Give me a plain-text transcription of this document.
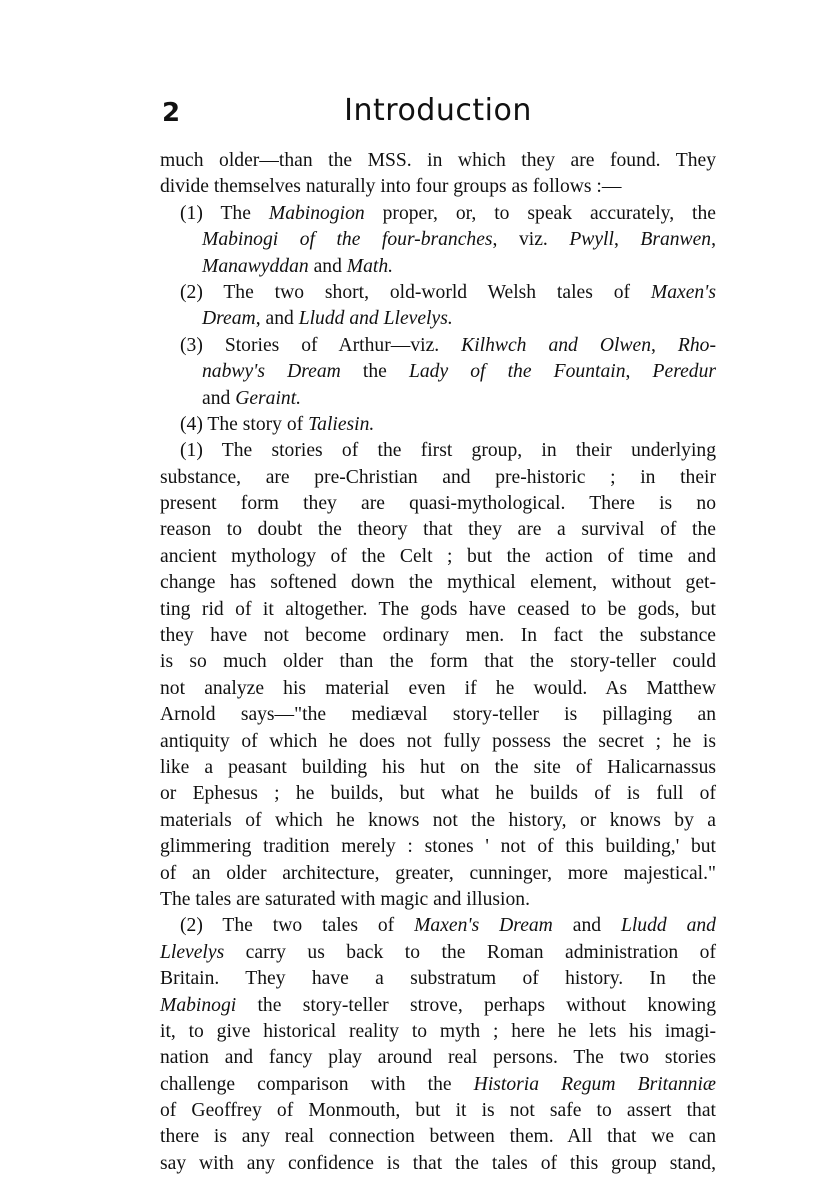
2	Introduction
much older—than the MSS. in which they are found. They
divide themselves naturally into four groups as follows :—
(1) The Mabinogion proper, or, to speak accurately, the
Mabinogi of the four-branches, viz. Pwyll, Branwen,
Manawyddan and Math.
(2) The two short, old-world Welsh tales of Maxen's
Dream, and Lludd and Llevelys.
(3) Stories of Arthur—viz. Kilhwch and Olwen, Rho-
nabwy's Dream the Lady of the Fountain, Peredur
and Geraint.
(4) The story of Taliesin.
(1) The stories of the first group, in their underlying
substance, are pre-Christian and pre-historic ; in their
present form they are quasi-mythological. There is no
reason to doubt the theory that they are a survival of the
ancient mythology of the Celt ; but the action of time and
change has softened down the mythical element, without get-
ting rid of it altogether. The gods have ceased to be gods, but
they have not become ordinary men. In fact the substance
is so much older than the form that the story-teller could
not analyze his material even if he would. As Matthew
Arnold says—"the mediæval story-teller is pillaging an
antiquity of which he does not fully possess the secret ; he is
like a peasant building his hut on the site of Halicarnassus
or Ephesus ; he builds, but what he builds of is full of
materials of which he knows not the history, or knows by a
glimmering tradition merely : stones ' not of this building,' but
of an older architecture, greater, cunninger, more majestical."
The tales are saturated with magic and illusion.
(2) The two tales of Maxen's Dream and Lludd and
Llevelys carry us back to the Roman administration of
Britain. They have a substratum of history. In the
Mabinogi the story-teller strove, perhaps without knowing
it, to give historical reality to myth ; here he lets his imagi-
nation and fancy play around real persons. The two stories
challenge comparison with the Historia Regum Britanniæ
of Geoffrey of Monmouth, but it is not safe to assert that
there is any real connection between them. All that we can
say with any confidence is that the tales of this group stand,
